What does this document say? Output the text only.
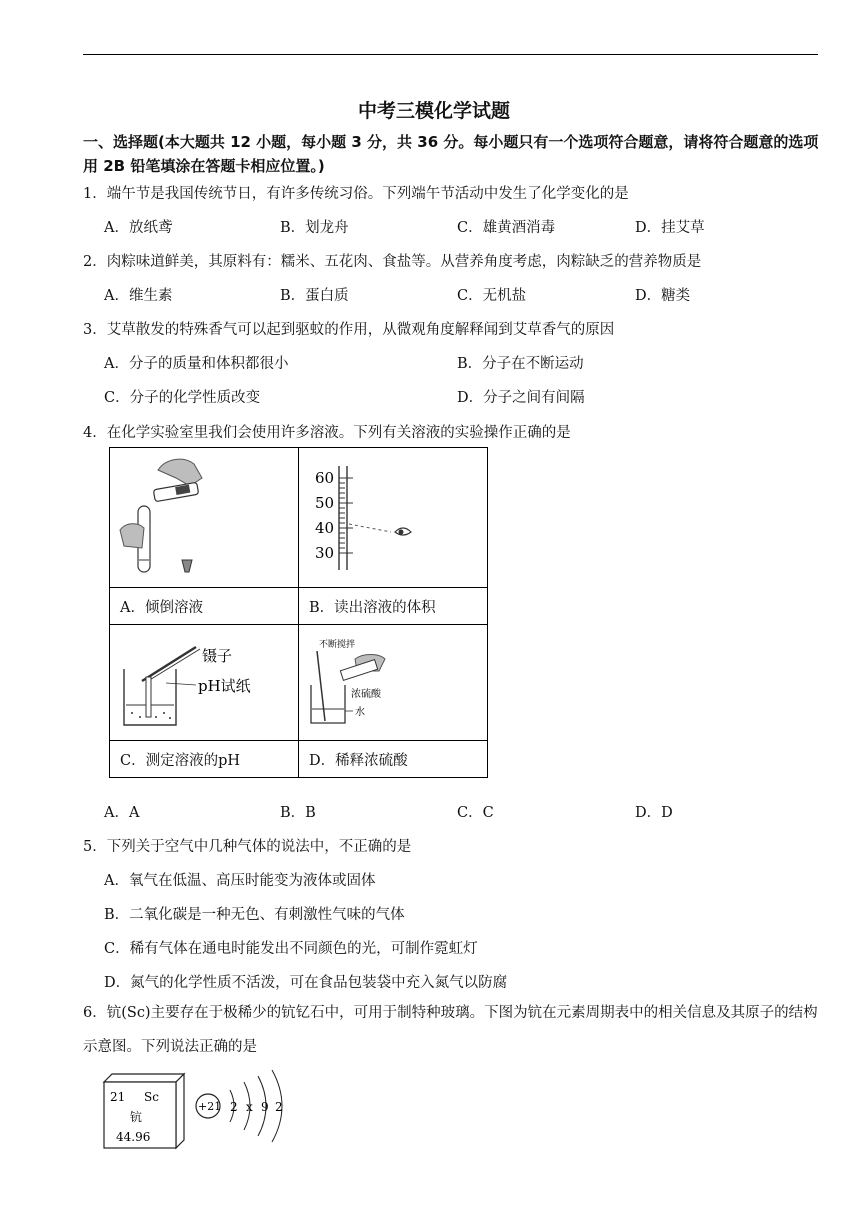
中考三模化学试题
一、选择题(本大题共 12 小题，每小题 3 分，共 36 分。每小题只有一个选项符合题意，请将符合题意的选项用 2B 铅笔填涂在答题卡相应位置。)
1．端午节是我国传统节日，有许多传统习俗。下列端午节活动中发生了化学变化的是
A．放纸鸢	B．划龙舟	C．雄黄酒消毒	D．挂艾草
2．肉粽味道鲜美，其原料有：糯米、五花肉、食盐等。从营养角度考虑，肉粽缺乏的营养物质是
A．维生素	B．蛋白质	C．无机盐	D．糖类
3．艾草散发的特殊香气可以起到驱蚊的作用，从微观角度解释闻到艾草香气的原因
A．分子的质量和体积都很小	B．分子在不断运动
C．分子的化学性质改变	D．分子之间有间隔
4．在化学实验室里我们会使用许多溶液。下列有关溶液的实验操作正确的是

60
50
40
30

A．倾倒溶液	B．读出溶液的体积

镊子
pH试纸	不断搅拌
浓硫酸
水

C．测定溶液的pH	D．稀释浓硫酸
A．A	B．B	C．C	D．D
5．下列关于空气中几种气体的说法中，不正确的是
A．氧气在低温、高压时能变为液体或固体
B．二氧化碳是一种无色、有刺激性气味的气体
C．稀有气体在通电时能发出不同颜色的光，可制作霓虹灯
D．氮气的化学性质不活泼，可在食品包装袋中充入氮气以防腐
6．钪(Sc)主要存在于极稀少的钪钇石中，可用于制特种玻璃。下图为钪在元素周期表中的相关信息及其原子的结构示意图。下列说法正确的是
21 Sc
钪
44.96
+21 2 x 9 2
